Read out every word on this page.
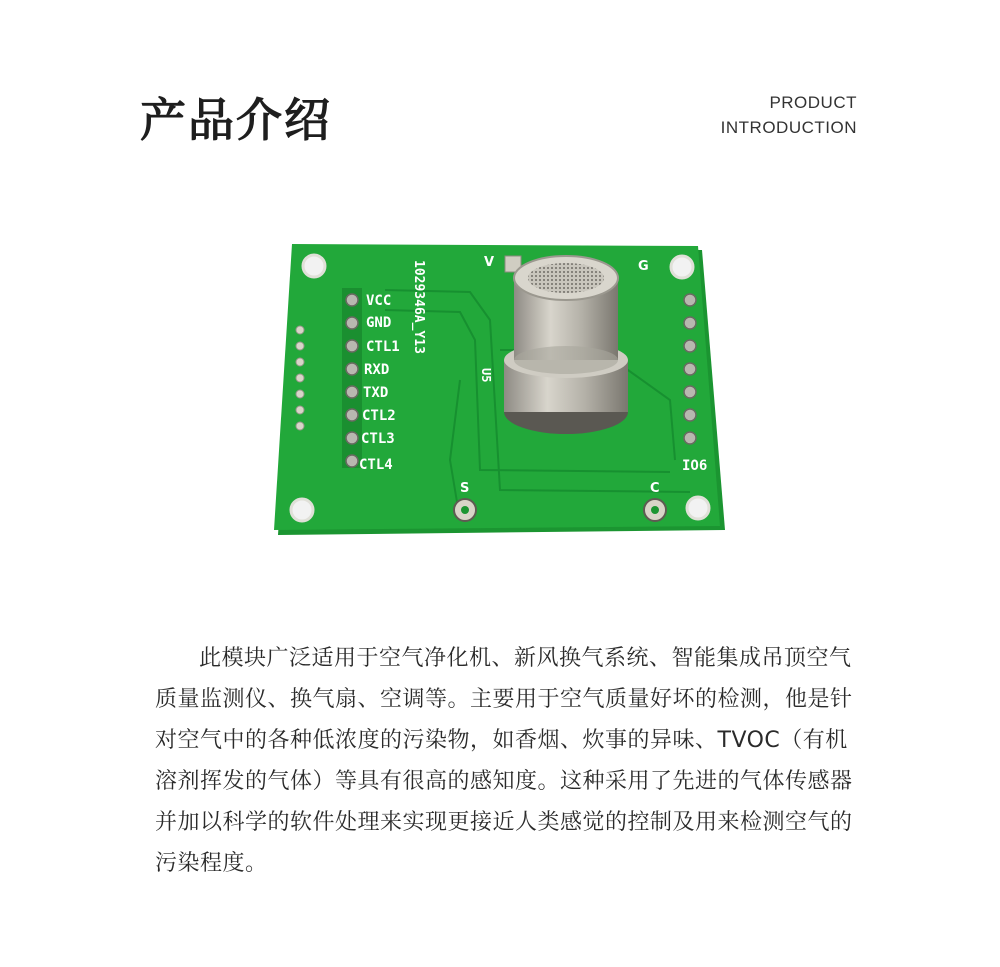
产品介绍	PRODUCT
INTRODUCTION
VCC
GND
CTL1
RXD
TXD
CTL2
CTL3
CTL4
1029346A_Y13
U5
V	G
IO6
S	C

此模块广泛适用于空气净化机、新风换气系统、智能集成吊顶空气质量监测仪、换气扇、空调等。主要用于空气质量好坏的检测，他是针对空气中的各种低浓度的污染物，如香烟、炊事的异味、TVOC（有机溶剂挥发的气体）等具有很高的感知度。这种采用了先进的气体传感器并加以科学的软件处理来实现更接近人类感觉的控制及用来检测空气的污染程度。
